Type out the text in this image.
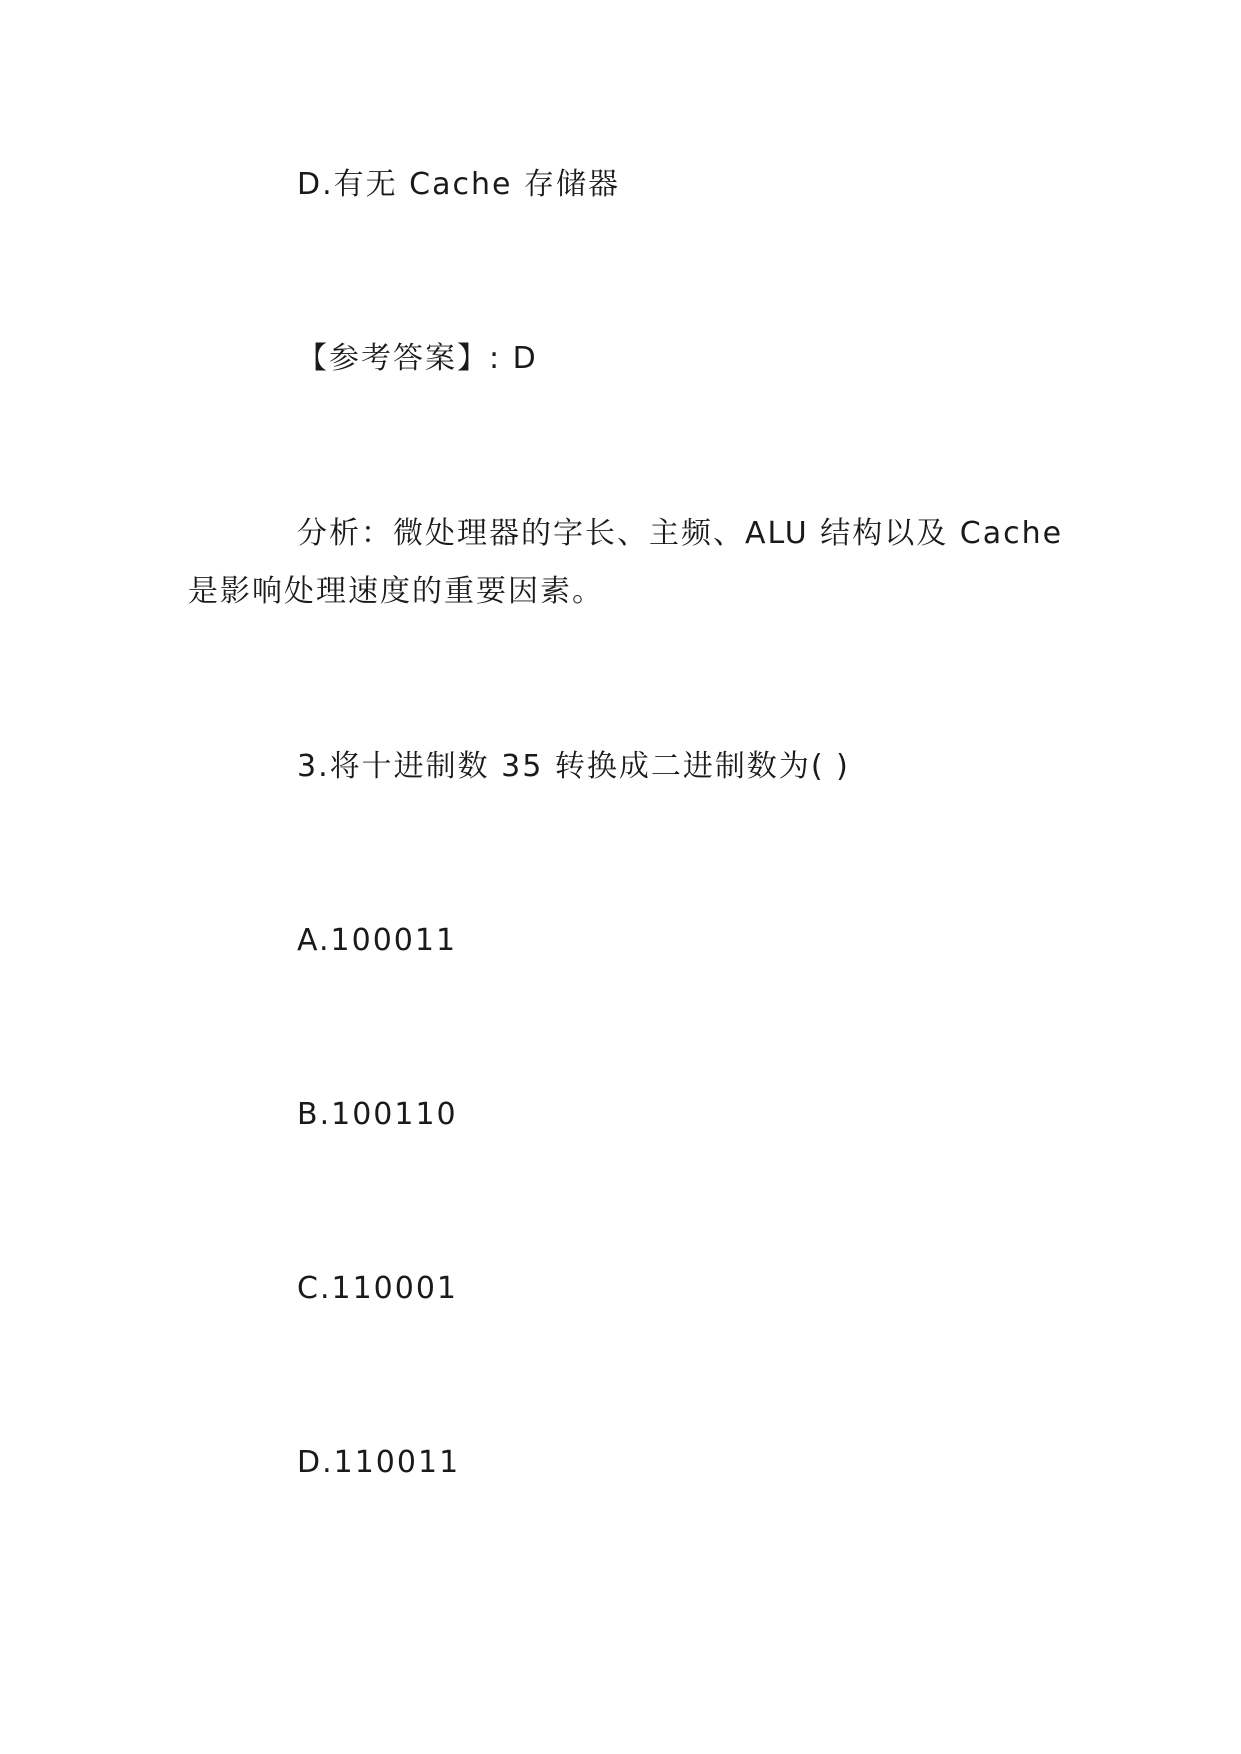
D.有无 Cache 存储器
【参考答案】: D
分析：微处理器的字长、主频、ALU 结构以及 Cache 是影响处理速度的重要因素。
3.将十进制数 35 转换成二进制数为( )
A.100011
B.100110
C.110001
D.110011
